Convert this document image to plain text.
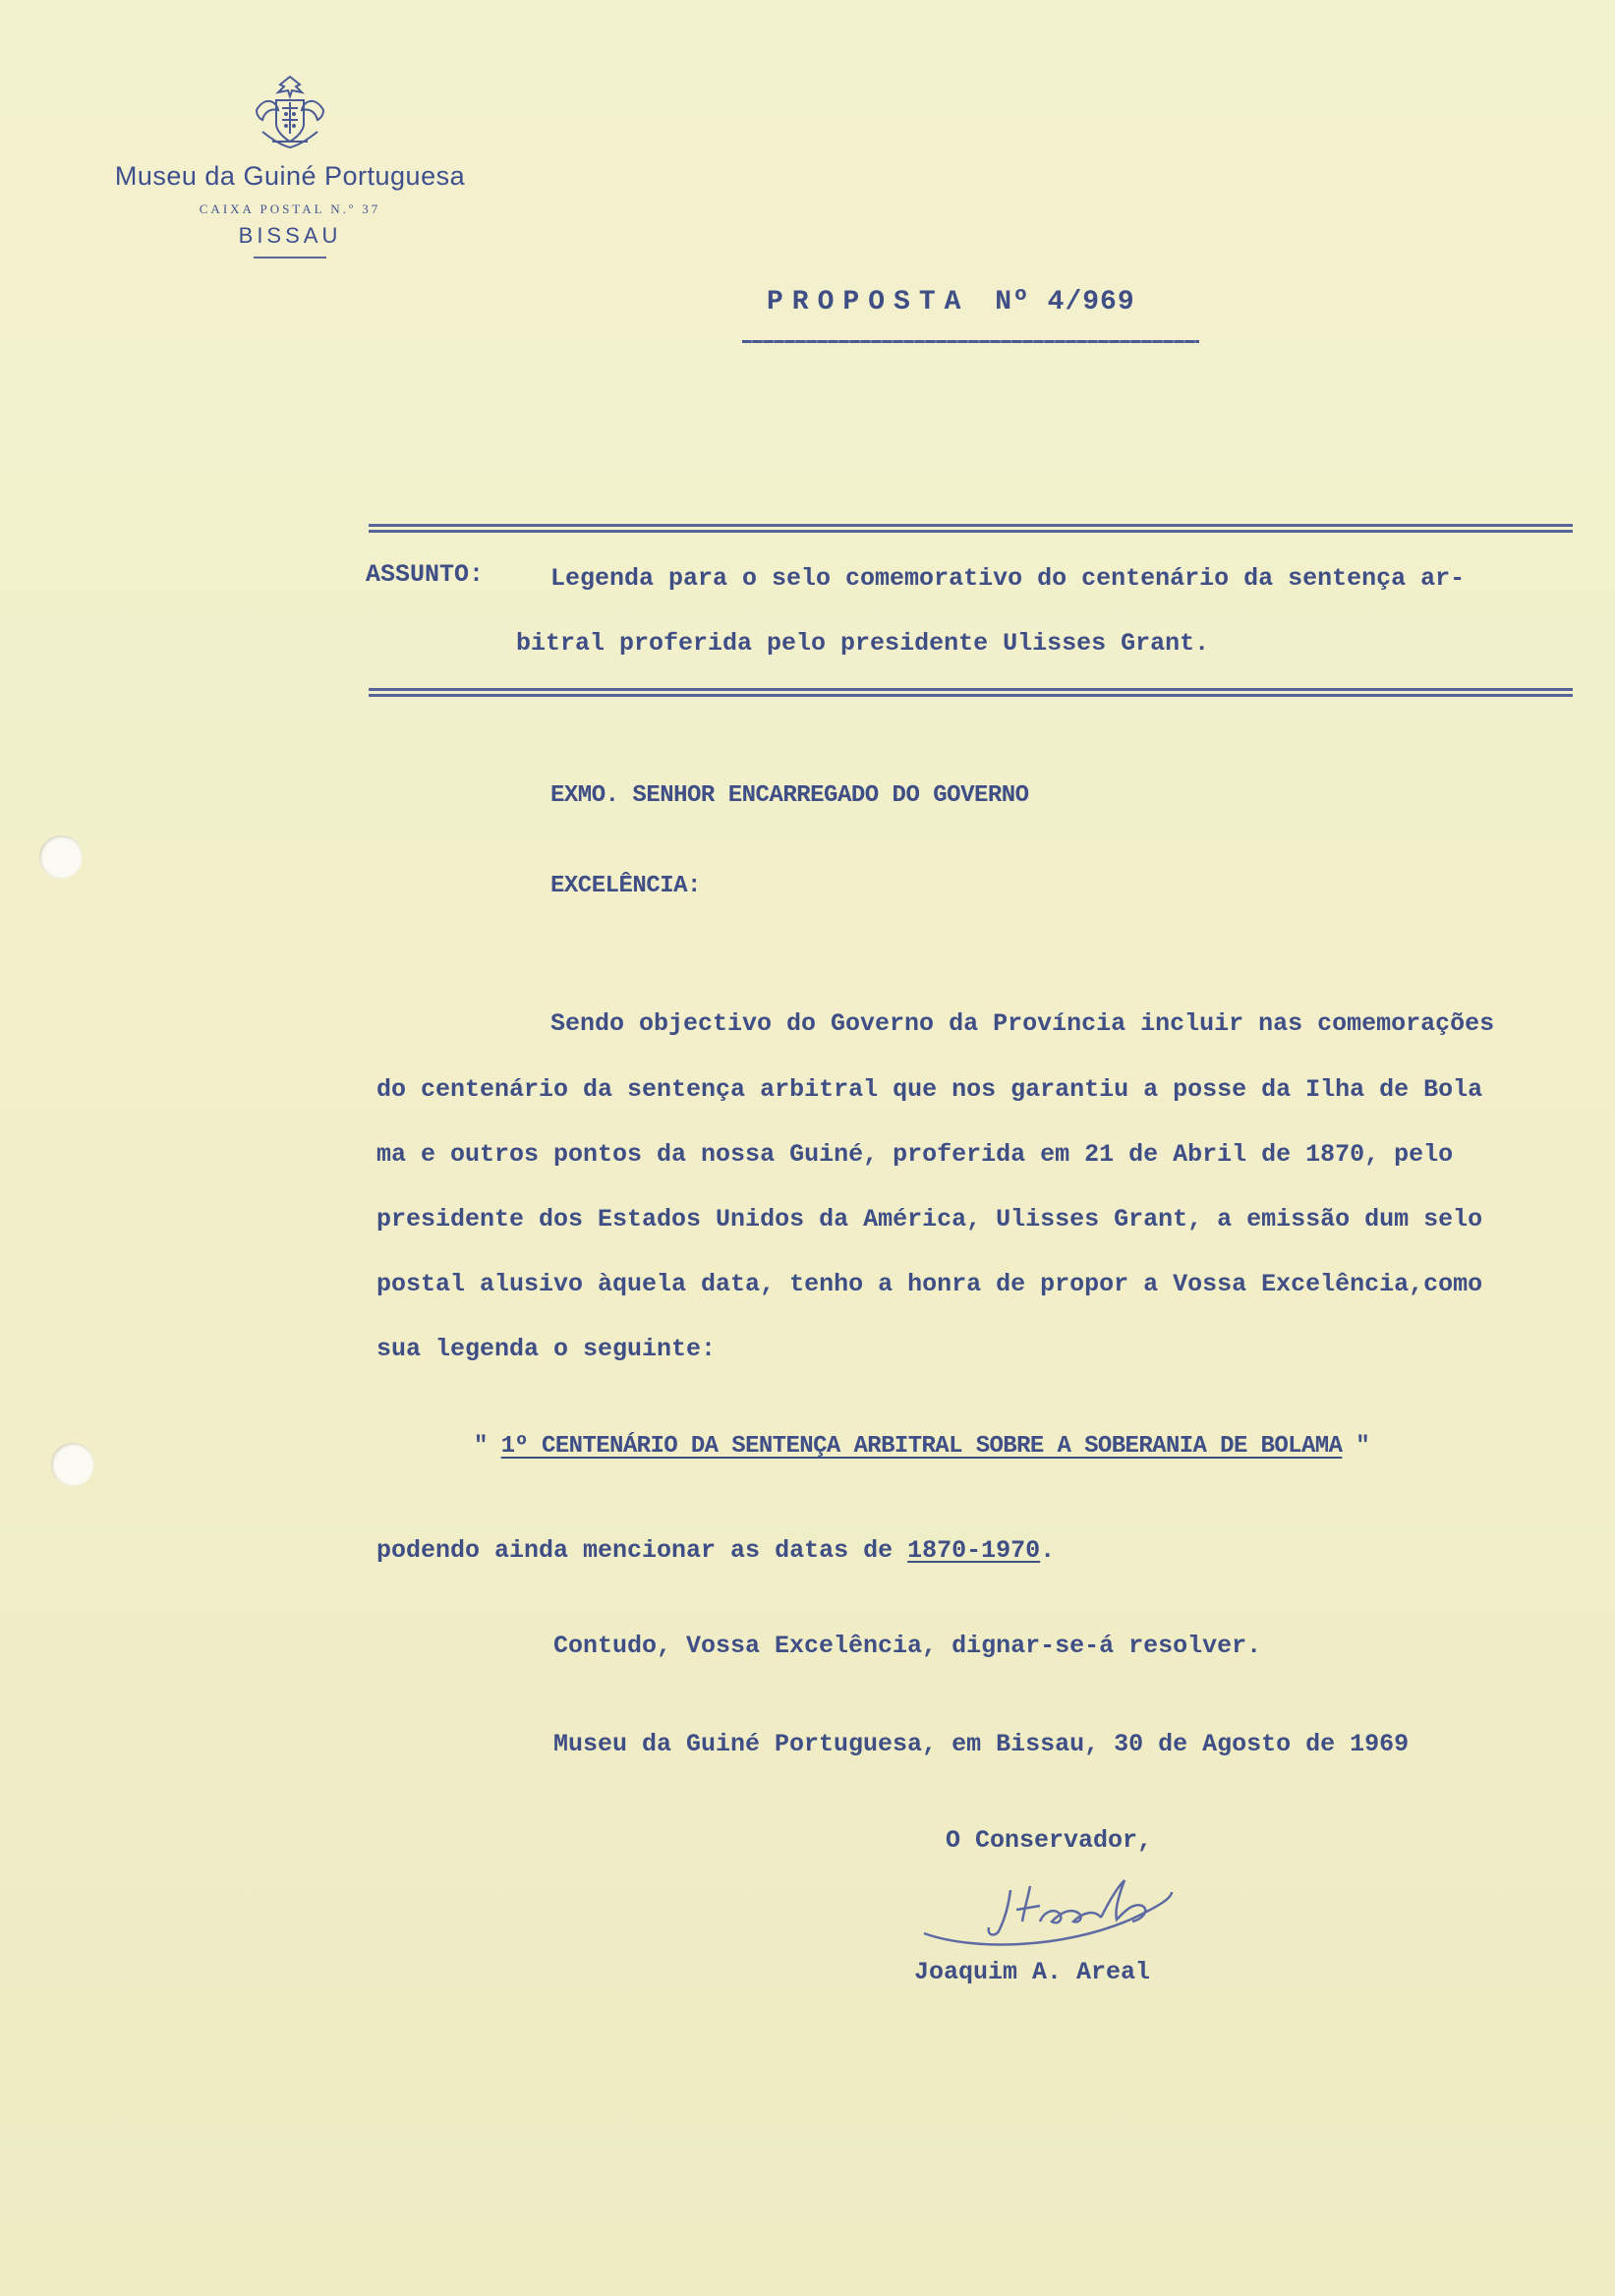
Museu da Guiné Portuguesa
CAIXA POSTAL N.º 37
BISSAU
PROPOSTA Nº 4/969
ASSUNTO:	Legenda para o selo comemorativo do centenário da sentença ar-
bitral proferida pelo presidente Ulisses Grant.
EXMO. SENHOR ENCARREGADO DO GOVERNO
EXCELÊNCIA:
Sendo objectivo do Governo da Província incluir nas comemorações
do centenário da sentença arbitral que nos garantiu a posse da Ilha de Bola
ma e outros pontos da nossa Guiné, proferida em 21 de Abril de 1870, pelo
presidente dos Estados Unidos da América, Ulisses Grant, a emissão dum selo
postal alusivo àquela data, tenho a honra de propor a Vossa Excelência,como
sua legenda o seguinte:
" 1º CENTENÁRIO DA SENTENÇA ARBITRAL SOBRE A SOBERANIA DE BOLAMA "
podendo ainda mencionar as datas de 1870-1970.
Contudo, Vossa Excelência, dignar-se-á resolver.
Museu da Guiné Portuguesa, em Bissau, 30 de Agosto de 1969
O Conservador,
Joaquim A. Areal
